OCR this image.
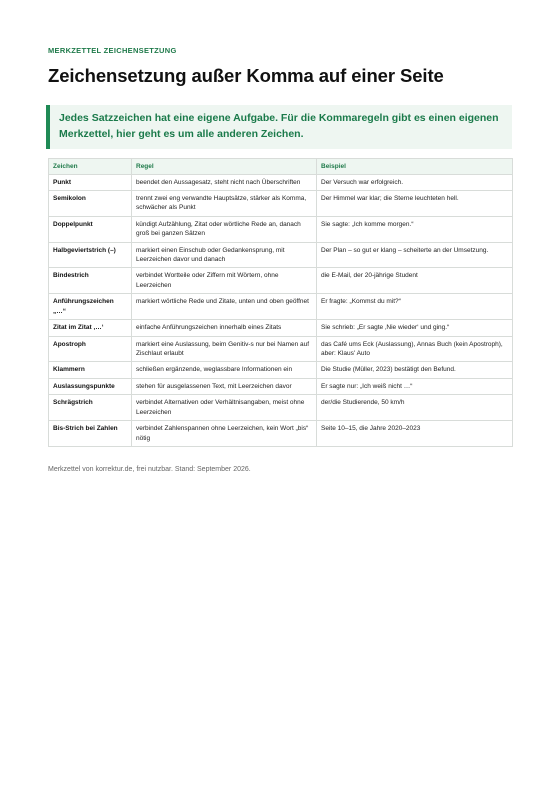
MERKZETTEL ZEICHENSETZUNG
Zeichensetzung außer Komma auf einer Seite
Jedes Satzzeichen hat eine eigene Aufgabe. Für die Kommaregeln gibt es einen eigenen Merkzettel, hier geht es um alle anderen Zeichen.
Zeichen	Regel	Beispiel
Punkt	beendet den Aussagesatz, steht nicht nach Überschriften	Der Versuch war erfolgreich.
Semikolon	trennt zwei eng verwandte Hauptsätze, stärker als Komma, schwächer als Punkt	Der Himmel war klar; die Sterne leuchteten hell.
Doppelpunkt	kündigt Aufzählung, Zitat oder wörtliche Rede an, danach groß bei ganzen Sätzen	Sie sagte: „Ich komme morgen.“
Halbgeviertstrich (–)	markiert einen Einschub oder Gedankensprung, mit Leerzeichen davor und danach	Der Plan – so gut er klang – scheiterte an der Umsetzung.
Bindestrich	verbindet Wortteile oder Ziffern mit Wörtern, ohne Leerzeichen	die E-Mail, der 20-jährige Student
Anführungszeichen „…“	markiert wörtliche Rede und Zitate, unten und oben geöffnet	Er fragte: „Kommst du mit?“
Zitat im Zitat ‚…‘	einfache Anführungszeichen innerhalb eines Zitats	Sie schrieb: „Er sagte ‚Nie wieder‘ und ging.“
Apostroph	markiert eine Auslassung, beim Genitiv-s nur bei Namen auf Zischlaut erlaubt	das Café ums Eck (Auslassung), Annas Buch (kein Apostroph), aber: Klaus' Auto
Klammern	schließen ergänzende, weglassbare Informationen ein	Die Studie (Müller, 2023) bestätigt den Befund.
Auslassungspunkte	stehen für ausgelassenen Text, mit Leerzeichen davor	Er sagte nur: „Ich weiß nicht …“
Schrägstrich	verbindet Alternativen oder Verhältnisangaben, meist ohne Leerzeichen	der/die Studierende, 50 km/h
Bis-Strich bei Zahlen	verbindet Zahlenspannen ohne Leerzeichen, kein Wort „bis“ nötig	Seite 10–15, die Jahre 2020–2023
Merkzettel von korrektur.de, frei nutzbar. Stand: September 2026.
